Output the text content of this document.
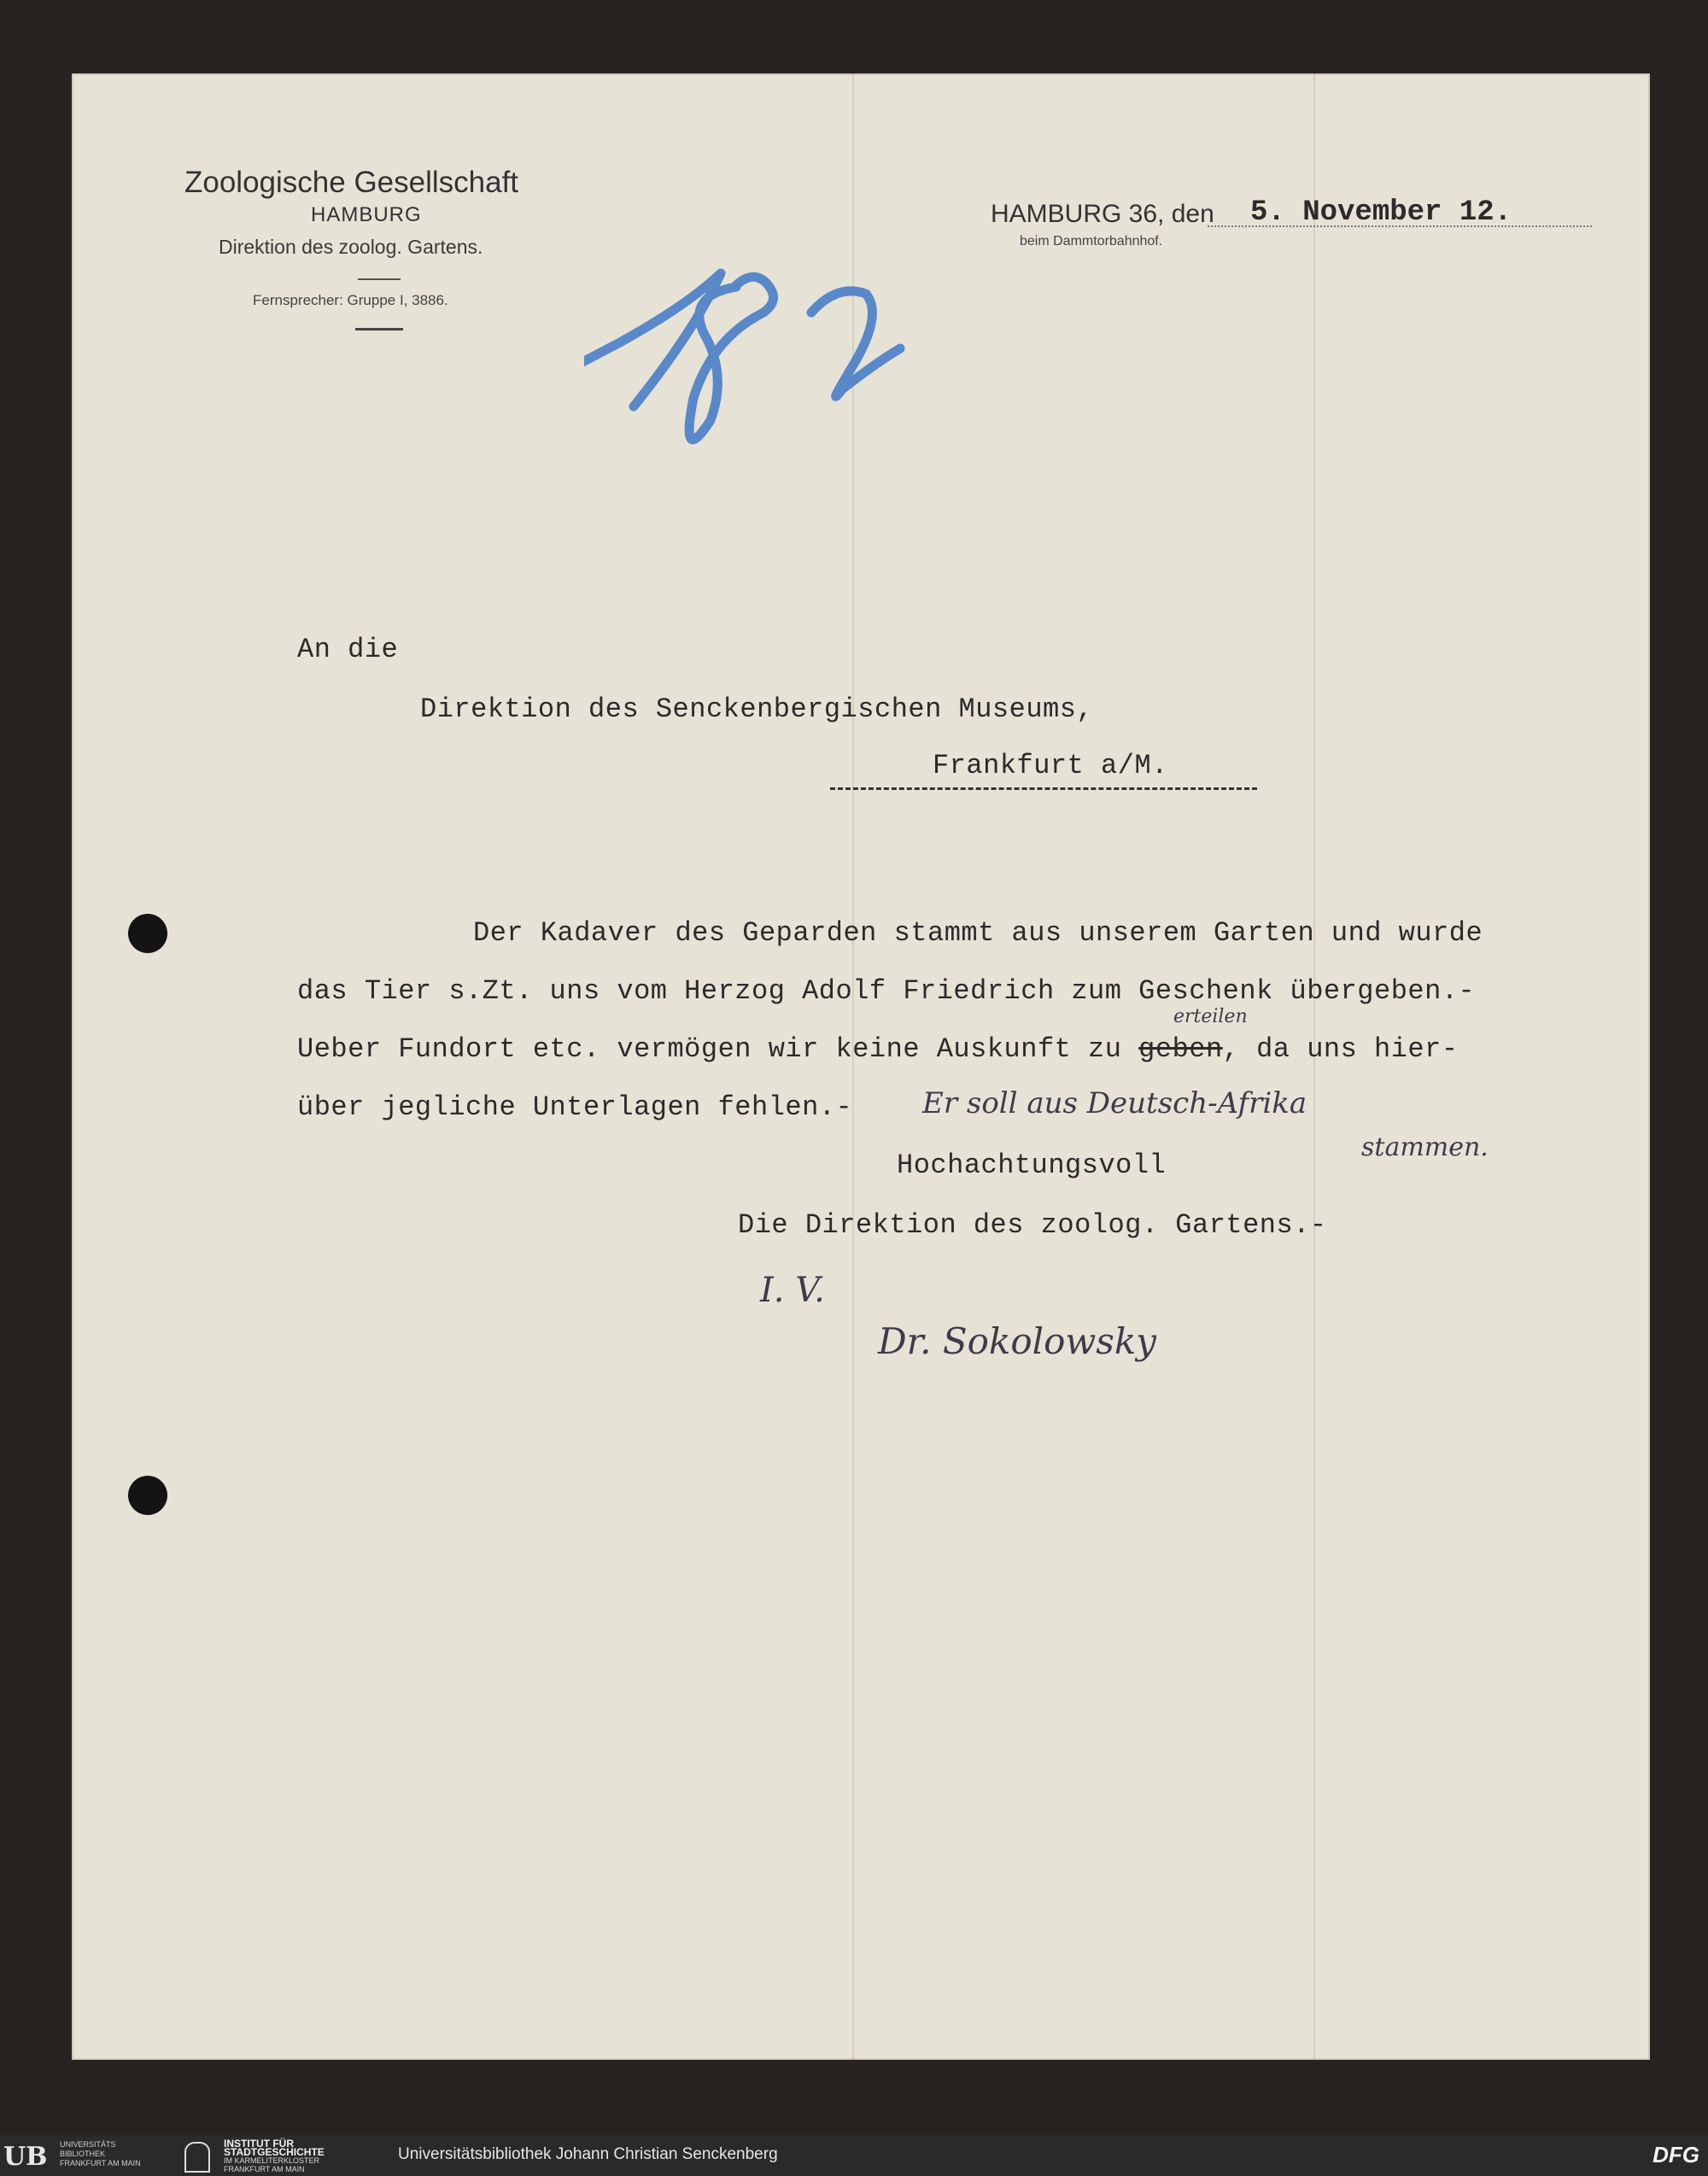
Zoologische Gesellschaft
HAMBURG
Direktion des zoolog. Gartens.
Fernsprecher: Gruppe I, 3886.
HAMBURG 36, den 5. November 12.
beim Dammtorbahnhof.
An die
Direktion des Senckenbergischen Museums,
Frankfurt a/M.
Der Kadaver des Geparden stammt aus unserem Garten und wurde
das Tier s.Zt. uns vom Herzog Adolf Friedrich zum Geschenk übergeben.-
Ueber Fundort etc. vermögen wir keine Auskunft zu geben, da uns hier-
erteilen
über jegliche Unterlagen fehlen.- Er soll aus Deutsch-Afrika
stammen.
Hochachtungsvoll
Die Direktion des zoolog. Gartens.-
I. V.
Dr. Sokolowsky
UB UNIVERSITÄTS
BIBLIOTHEK
FRANKFURT AM MAIN
INSTITUT FÜR
STADTGESCHICHTE
IM KARMELITERKLOSTER
FRANKFURT AM MAIN
Universitätsbibliothek Johann Christian Senckenberg	DFG
